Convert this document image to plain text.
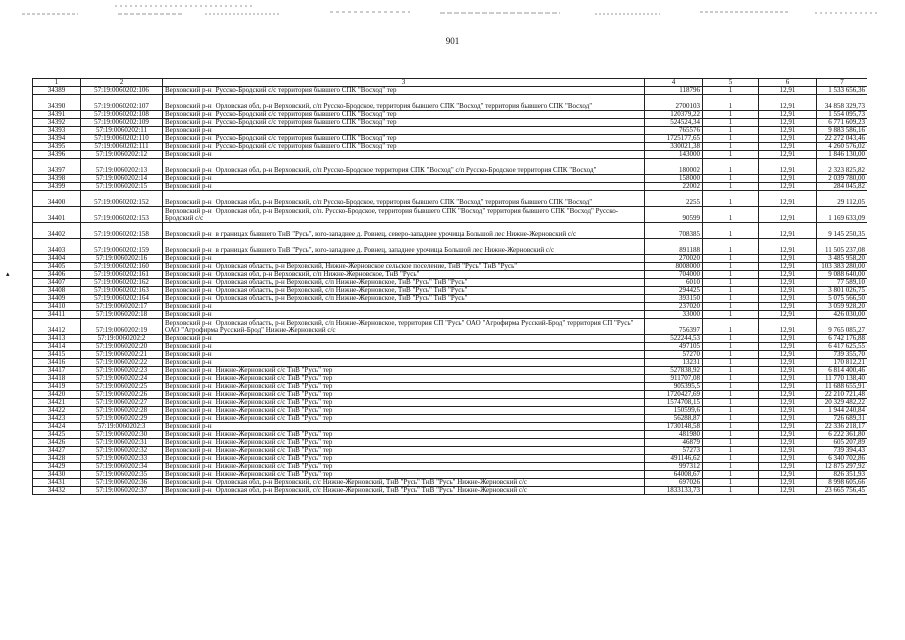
901
▴
1	2	3	4	5	6	7
34389	57:19:0060202:106	Верховский р-н Русско-Бродский с/с территория бывшего СПК "Восход" тер	118796	1	12,91	1 533 656,36
34390	57:19:0060202:107	Верховский р-н Орловская обл, р-н Верховский, с/п Русско-Бродское, территория бывшего СПК "Восход" территория бывшего СПК "Восход"	2700103	1	12,91	34 858 329,73
34391	57:19:0060202:108	Верховский р-н Русско-Бродский с/с территория бывшего СПК "Восход" тер	120379,22	1	12,91	1 554 095,73
34392	57:19:0060202:109	Верховский р-н Русско-Бродский с/с территория бывшего СПК "Восход" тер	524524,34	1	12,91	6 771 609,23
34393	57:19:0060202:11	Верховский р-н	765576	1	12,91	9 883 586,16
34394	57:19:0060202:110	Верховский р-н Русско-Бродский с/с территория бывшего СПК "Восход" тер	1725177,65	1	12,91	22 272 043,46
34395	57:19:0060202:111	Верховский р-н Русско-Бродский с/с территория бывшего СПК "Восход" тер	330021,38	1	12,91	4 260 576,02
34396	57:19:0060202:12	Верховский р-н	143000	1	12,91	1 846 130,00
34397	57:19:0060202:13	Верховский р-н Орловская обл, р-н Верховский, с/п Русско-Бродское территория СПК "Восход" с/п Русско-Бродское территория СПК "Восход"	180002	1	12,91	2 323 825,82
34398	57:19:0060202:14	Верховский р-н	158000	1	12,91	2 039 780,00
34399	57:19:0060202:15	Верховский р-н	22002	1	12,91	284 045,82
34400	57:19:0060202:152	Верховский р-н Орловская обл, р-н Верховский, с/п Русско-Бродское, территория бывшего СПК "Восход" территория бывшего СПК "Восход"	2255	1	12,91	29 112,05
34401	57:19:0060202:153	Верховский р-н Орловская обл, р-н Верховский, с/п. Русско-Бродское, территория бывшего СПК "Восход" территория бывшего СПК "Восход" Русско-Бродский с/с	90599	1	12,91	1 169 633,09
34402	57:19:0060202:158	Верховский р-н в границах бывшего ТнВ "Русь", юго-западнее д. Ровнец, северо-западнее урочища Большой лес Нижне-Жерновский с/с	708385	1	12,91	9 145 250,35
34403	57:19:0060202:159	Верховский р-н в границах бывшего ТнВ "Русь", юго-западнее д. Ровнец, западнее урочища Большой лес Нижне-Жерновский с/с	891188	1	12,91	11 505 237,08
34404	57:19:0060202:16	Верховский р-н	270020	1	12,91	3 485 958,20
34405	57:19:0060202:160	Верховский р-н Орловская область, р-н Верховский, Нижне-Жерновское сельское поселение, ТнВ "Русь" ТнВ "Русь"	8008000	1	12,91	103 383 280,00
34406	57:19:0060202:161	Верховский р-н Орловская обл, р-н Верховский, с/п Нижне-Жерновское, ТнВ "Русь"	704000	1	12,91	9 088 640,00
34407	57:19:0060202:162	Верховский р-н Орловская область, р-н Верховский, с/п Нижне-Жерновское, ТнВ "Русь" ТнВ "Русь"	6010	1	12,91	77 589,10
34408	57:19:0060202:163	Верховский р-н Орловская область, р-н Верховский, с/п Нижне-Жерновское, ТнВ "Русь" ТнВ "Русь"	294425	1	12,91	3 801 026,75
34409	57:19:0060202:164	Верховский р-н Орловская область, р-н Верховский, с/п Нижне-Жерновское, ТнВ "Русь" ТнВ "Русь"	393150	1	12,91	5 075 566,50
34410	57:19:0060202:17	Верховский р-н	237020	1	12,91	3 059 928,20
34411	57:19:0060202:18	Верховский р-н	33000	1	12,91	426 030,00
34412	57:19:0060202:19	Верховский р-н Орловская область, р-н Верховский, с/п Нижне-Жерновское, территория СП "Русь" ОАО "Агрофирма Русский-Брод" территория СП "Русь" ОАО "Агрофирма Русский-Брод" Нижне-Жерновский с/с	756397	1	12,91	9 765 085,27
34413	57:19:0060202:2	Верховский р-н	522244,53	1	12,91	6 742 176,88
34414	57:19:0060202:20	Верховский р-н	497105	1	12,91	6 417 625,55
34415	57:19:0060202:21	Верховский р-н	57270	1	12,91	739 355,70
34416	57:19:0060202:22	Верховский р-н	13231	1	12,91	170 812,21
34417	57:19:0060202:23	Верховский р-н Нижне-Жерновский с/с ТнВ "Русь" тер	527838,92	1	12,91	6 814 400,46
34418	57:19:0060202:24	Верховский р-н Нижне-Жерновский с/с ТнВ "Русь" тер	911707,08	1	12,91	11 770 138,40
34419	57:19:0060202:25	Верховский р-н Нижне-Жерновский с/с ТнВ "Русь" тер	905395,5	1	12,91	11 688 655,91
34420	57:19:0060202:26	Верховский р-н Нижне-Жерновский с/с ТнВ "Русь" тер	1720427,69	1	12,91	22 210 721,48
34421	57:19:0060202:27	Верховский р-н Нижне-Жерновский с/с ТнВ "Русь" тер	1574708,15	1	12,91	20 329 482,22
34422	57:19:0060202:28	Верховский р-н Нижне-Жерновский с/с ТнВ "Русь" тер	150599,6	1	12,91	1 944 240,84
34423	57:19:0060202:29	Верховский р-н Нижне-Жерновский с/с ТнВ "Русь" тер	56288,87	1	12,91	726 689,31
34424	57:19:0060202:3	Верховский р-н	1730148,58	1	12,91	22 336 218,17
34425	57:19:0060202:30	Верховский р-н Нижне-Жерновский с/с ТнВ "Русь" тер	481980	1	12,91	6 222 361,80
34426	57:19:0060202:31	Верховский р-н Нижне-Жерновский с/с ТнВ "Русь" тер	46879	1	12,91	605 207,89
34427	57:19:0060202:32	Верховский р-н Нижне-Жерновский с/с ТнВ "Русь" тер	57273	1	12,91	739 394,43
34428	57:19:0060202:33	Верховский р-н Нижне-Жерновский с/с ТнВ "Русь" тер	491146,62	1	12,91	6 340 702,86
34429	57:19:0060202:34	Верховский р-н Нижне-Жерновский с/с ТнВ "Русь" тер	997312	1	12,91	12 875 297,92
34430	57:19:0060202:35	Верховский р-н Нижне-Жерновский с/с ТнВ "Русь" тер	64008,67	1	12,91	826 351,93
34431	57:19:0060202:36	Верховский р-н Орловская обл, р-н Верховский, с/с Нижне-Жерновский, ТнВ "Русь" ТнВ "Русь" Нижне-Жерновский с/с	697026	1	12,91	8 998 605,66
34432	57:19:0060202:37	Верховский р-н Орловская обл, р-н Верховский, с/с Нижне-Жерновский, ТнВ "Русь" ТнВ "Русь" Нижне-Жерновский с/с	1833133,73	1	12,91	23 665 756,45
